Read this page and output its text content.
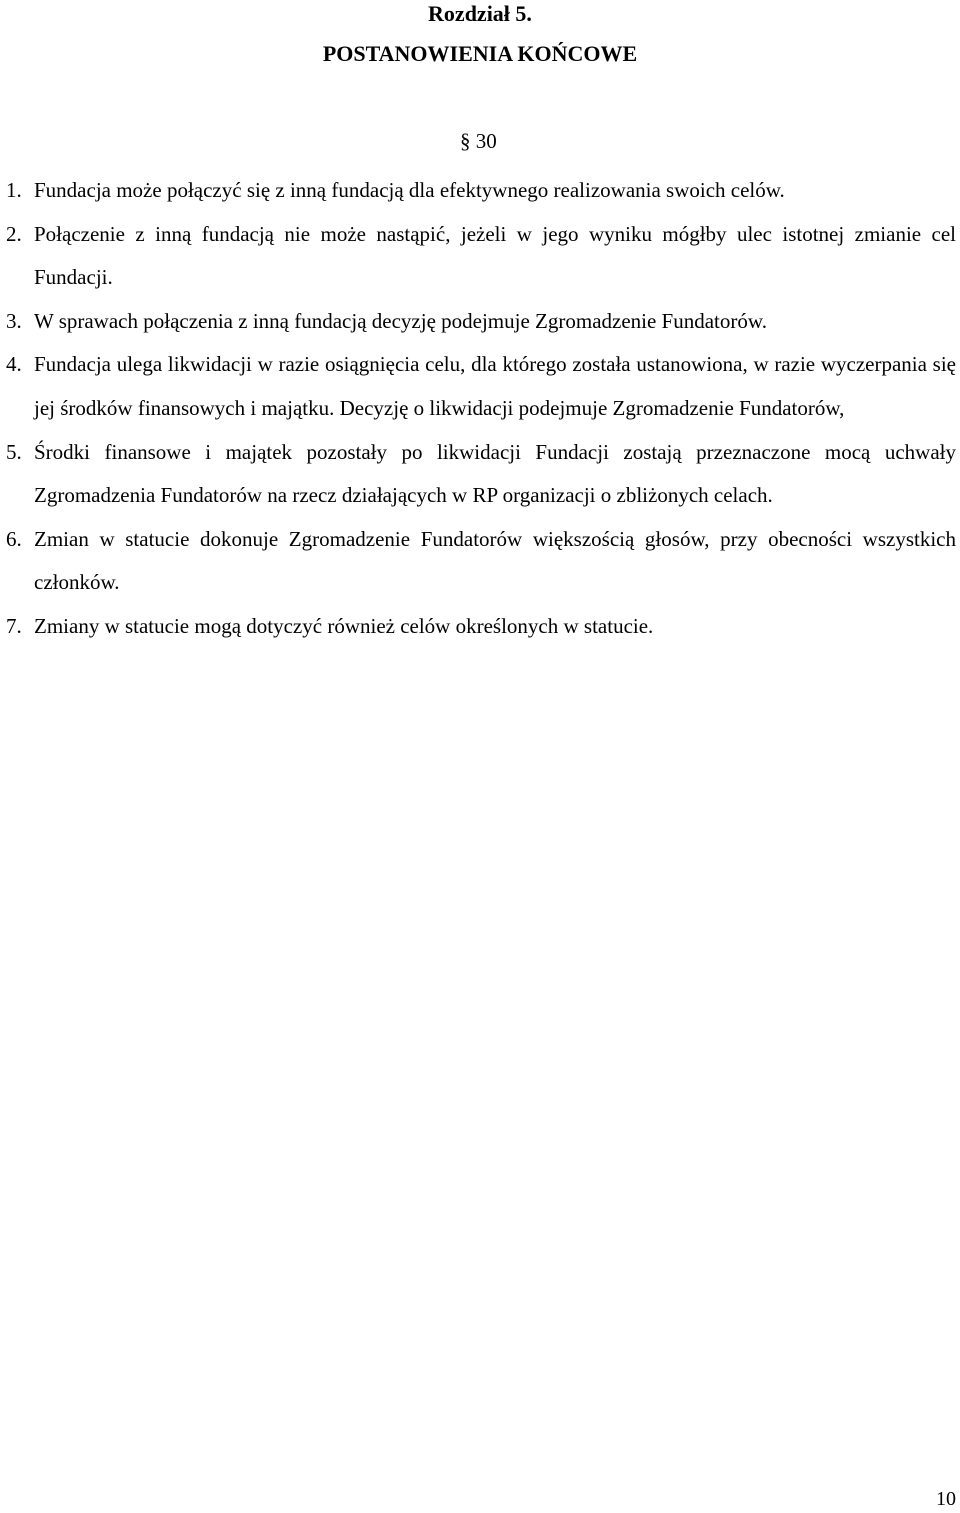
Rozdział 5.
POSTANOWIENIA KOŃCOWE
§ 30
1. Fundacja może połączyć się z inną fundacją dla efektywnego realizowania swoich celów.
2. Połączenie z inną fundacją nie może nastąpić, jeżeli w jego wyniku mógłby ulec istotnej zmianie cel Fundacji.
3. W sprawach połączenia z inną fundacją decyzję podejmuje Zgromadzenie Fundatorów.
4. Fundacja ulega likwidacji w razie osiągnięcia celu, dla którego została ustanowiona, w razie wyczerpania się jej środków finansowych i majątku. Decyzję o likwidacji podejmuje Zgromadzenie Fundatorów,
5. Środki finansowe i majątek pozostały po likwidacji Fundacji zostają przeznaczone mocą uchwały Zgromadzenia Fundatorów na rzecz działających w RP organizacji o zbliżonych celach.
6. Zmian w statucie dokonuje Zgromadzenie Fundatorów większością głosów, przy obecności wszystkich członków.
7. Zmiany w statucie mogą dotyczyć również celów określonych w statucie.
10
